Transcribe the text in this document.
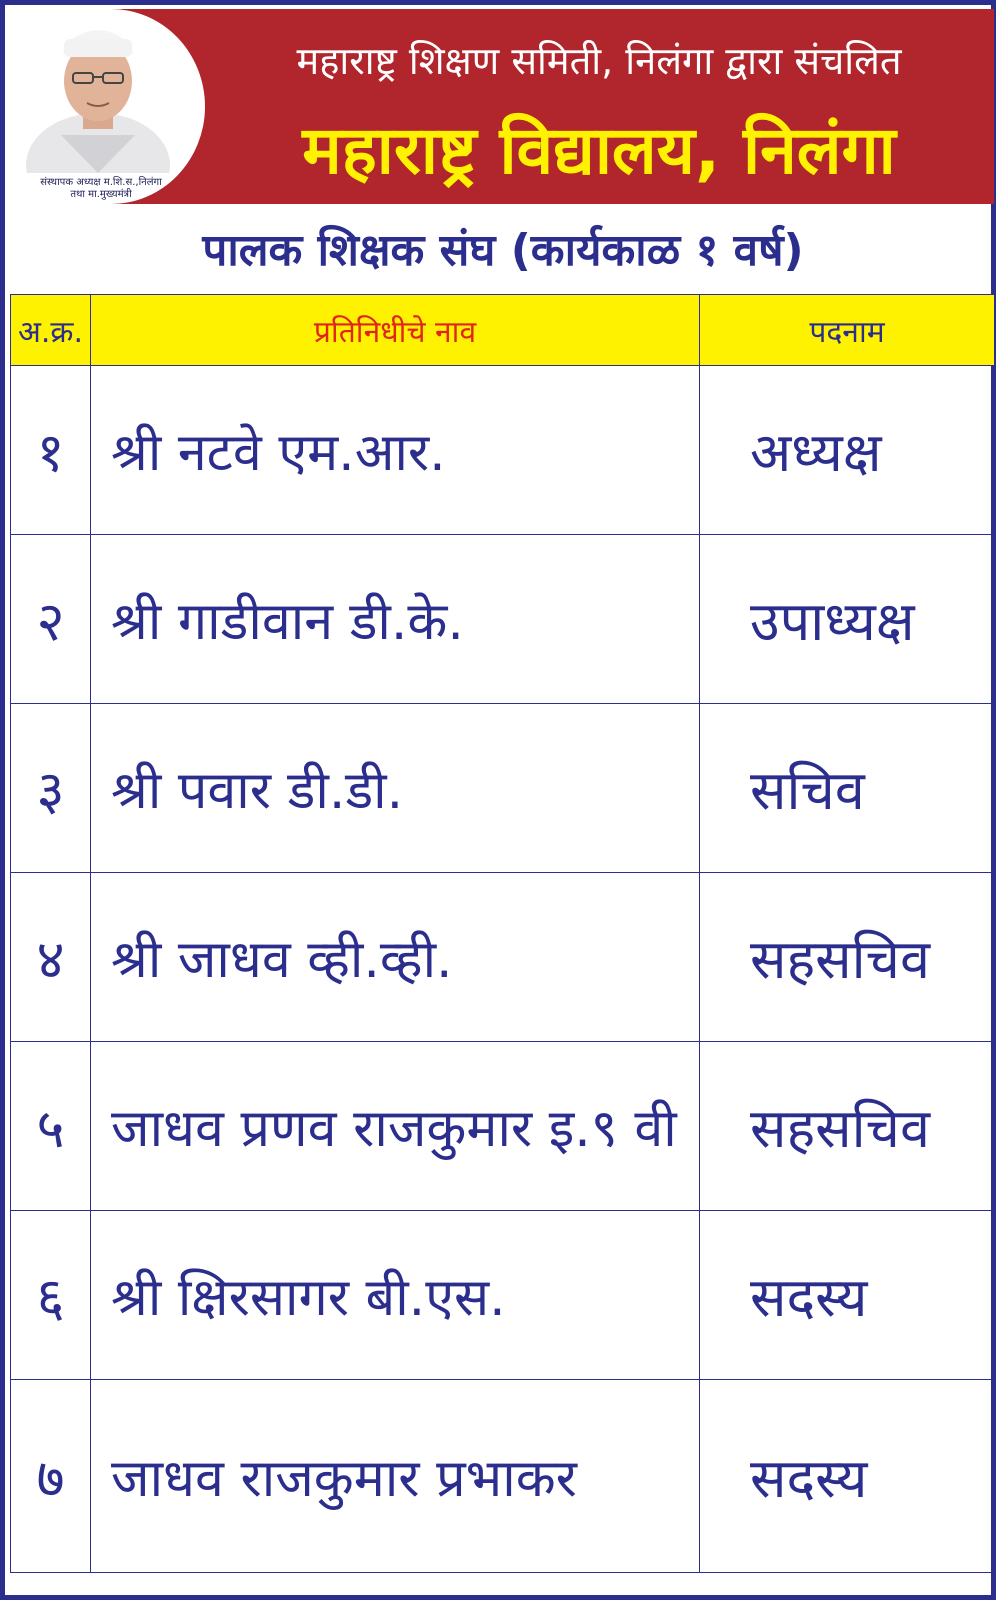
संस्थापक अध्यक्ष म.शि.स.,निलंगा
तथा मा.मुख्यमंत्री
महाराष्ट्र शिक्षण समिती, निलंगा द्वारा संचलित
महाराष्ट्र विद्यालय, निलंगा
पालक शिक्षक संघ (कार्यकाळ १ वर्ष)
अ.क्र.	प्रतिनिधीचे नाव	पदनाम
१	श्री नटवे एम.आर.	अध्यक्ष
२	श्री गाडीवान डी.के.	उपाध्यक्ष
३	श्री पवार डी.डी.	सचिव
४	श्री जाधव व्ही.व्ही.	सहसचिव
५	जाधव प्रणव राजकुमार इ.९ वी	सहसचिव
६	श्री क्षिरसागर बी.एस.	सदस्य
७	जाधव राजकुमार प्रभाकर	सदस्य
